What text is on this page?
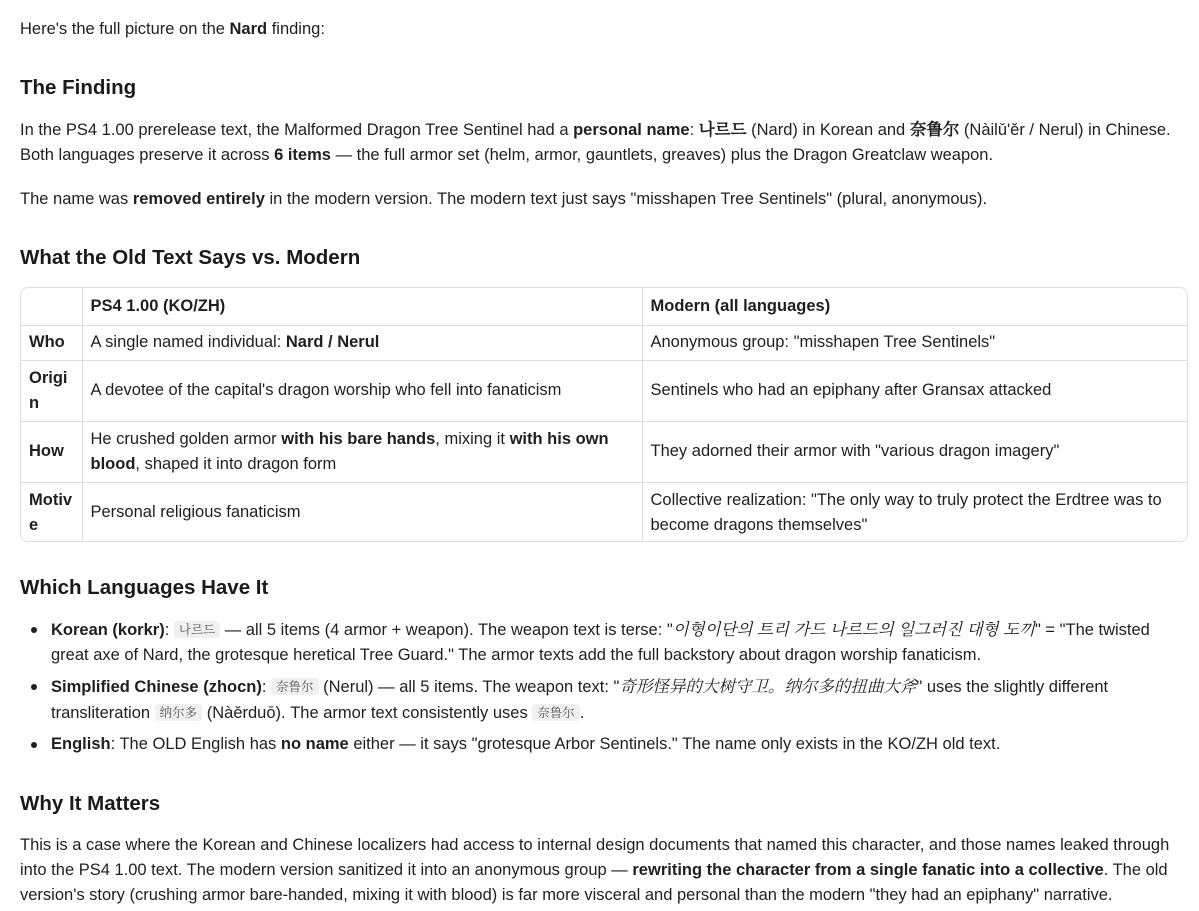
Here's the full picture on the Nard finding:

The Finding

In the PS4 1.00 prerelease text, the Malformed Dragon Tree Sentinel had a personal name: 나르드 (Nard) in Korean and 奈鲁尔 (Nàilǔ'ěr / Nerul) in Chinese. Both languages preserve it across 6 items — the full armor set (helm, armor, gauntlets, greaves) plus the Dragon Greatclaw weapon.

The name was removed entirely in the modern version. The modern text just says "misshapen Tree Sentinels" (plural, anonymous).

What the Old Text Says vs. Modern
	PS4 1.00 (KO/ZH)	Modern (all languages)
Who	A single named individual: Nard / Nerul	Anonymous group: "misshapen Tree Sentinels"
Origin	A devotee of the capital's dragon worship who fell into fanaticism	Sentinels who had an epiphany after Gransax attacked
How	He crushed golden armor with his bare hands, mixing it with his own blood, shaped it into dragon form	They adorned their armor with "various dragon imagery"
Motive	Personal religious fanaticism	Collective realization: "The only way to truly protect the Erdtree was to become dragons themselves"
Which Languages Have It
Korean (korkr): 나르드 — all 5 items (4 armor + weapon). The weapon text is terse: "이형이단의 트리 가드 나르드의 일그러진 대형 도끼" = "The twisted great axe of Nard, the grotesque heretical Tree Guard." The armor texts add the full backstory about dragon worship fanaticism.
Simplified Chinese (zhocn): 奈鲁尔 (Nerul) — all 5 items. The weapon text: "奇形怪异的大树守卫。纳尔多的扭曲大斧" uses the slightly different transliteration 纳尔多 (Nàěrduō). The armor text consistently uses 奈鲁尔 .
English: The OLD English has no name either — it says "grotesque Arbor Sentinels." The name only exists in the KO/ZH old text.
Why It Matters

This is a case where the Korean and Chinese localizers had access to internal design documents that named this character, and those names leaked through into the PS4 1.00 text. The modern version sanitized it into an anonymous group — rewriting the character from a single fanatic into a collective. The old version's story (crushing armor bare-handed, mixing it with blood) is far more visceral and personal than the modern "they had an epiphany" narrative.
